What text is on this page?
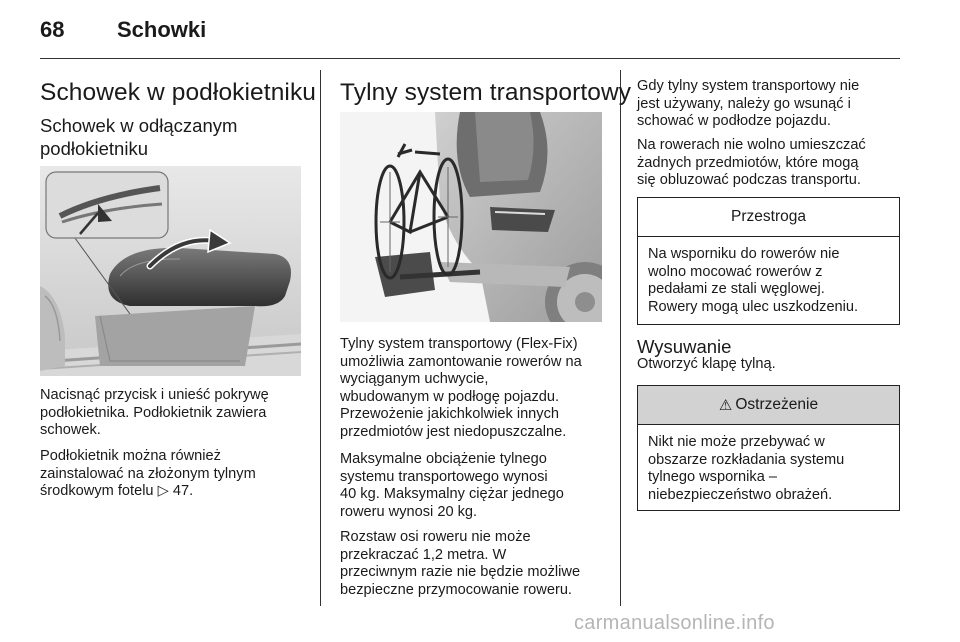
68 Schowki
Schowek w podłokietniku
Schowek w odłączanym
podłokietniku
Nacisnąć przycisk i unieść pokrywę
podłokietnika. Podłokietnik zawiera
schowek.
Podłokietnik można również
zainstalować na złożonym tylnym
środkowym fotelu ▷ 47.
Tylny system transportowy
Tylny system transportowy (Flex-Fix)
umożliwia zamontowanie rowerów na
wyciąganym uchwycie,
wbudowanym w podłogę pojazdu.
Przewożenie jakichkolwiek innych
przedmiotów jest niedopuszczalne.
Maksymalne obciążenie tylnego
systemu transportowego wynosi
40 kg. Maksymalny ciężar jednego
roweru wynosi 20 kg.
Rozstaw osi roweru nie może
przekraczać 1,2 metra. W
przeciwnym razie nie będzie możliwe
bezpieczne przymocowanie roweru.
Gdy tylny system transportowy nie
jest używany, należy go wsunąć i
schować w podłodze pojazdu.
Na rowerach nie wolno umieszczać
żadnych przedmiotów, które mogą
się obluzować podczas transportu.
Przestroga
Na wsporniku do rowerów nie
wolno mocować rowerów z
pedałami ze stali węglowej.
Rowery mogą ulec uszkodzeniu.
Wysuwanie
Otworzyć klapę tylną.
⚠ Ostrzeżenie
Nikt nie może przebywać w
obszarze rozkładania systemu
tylnego wspornika –
niebezpieczeństwo obrażeń.
carmanualsonline.info
